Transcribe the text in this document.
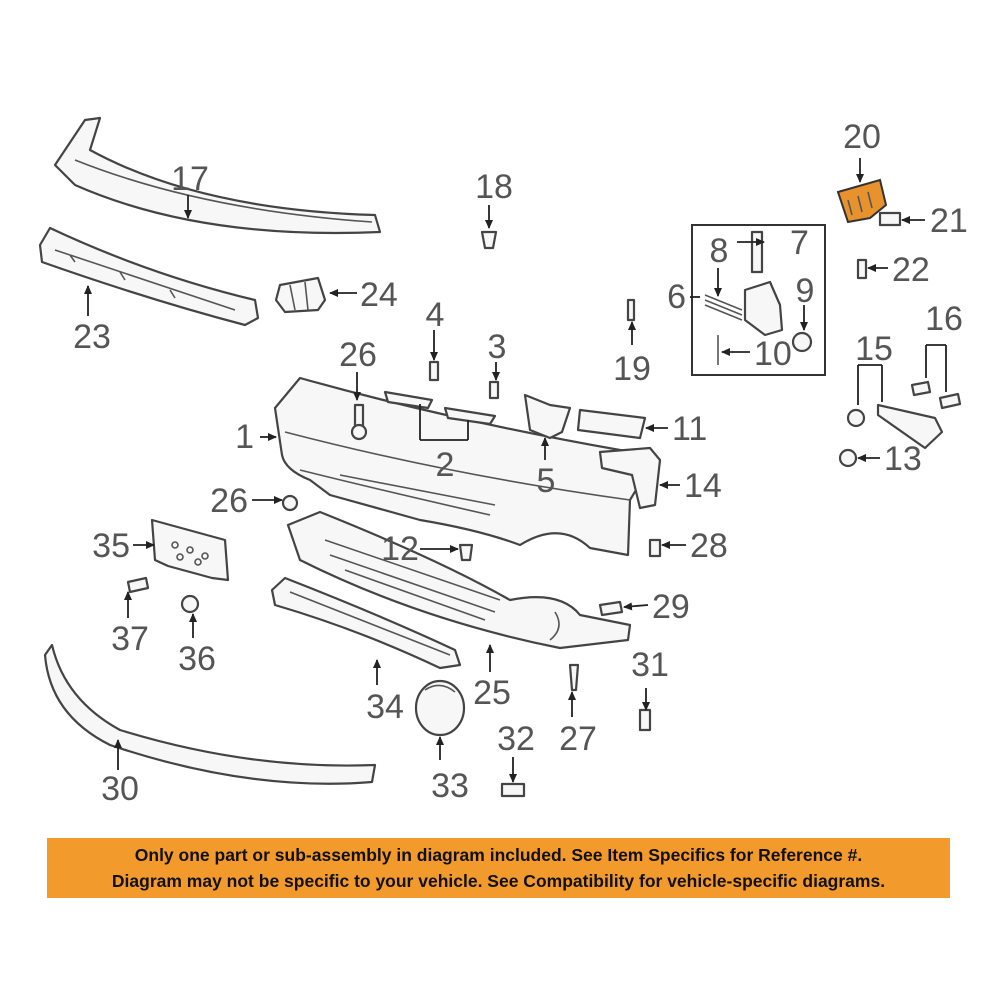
1
2
3
4
5
6
7
8
9
10
11
12
13
14
15
16
17	18
19
20
21
22
23
24
25
26
26
27
28
29
30
31
32
33
34
35
36
37
Only one part or sub-assembly in diagram included. See Item Specifics for Reference #.
Diagram may not be specific to your vehicle. See Compatibility for vehicle-specific diagrams.
